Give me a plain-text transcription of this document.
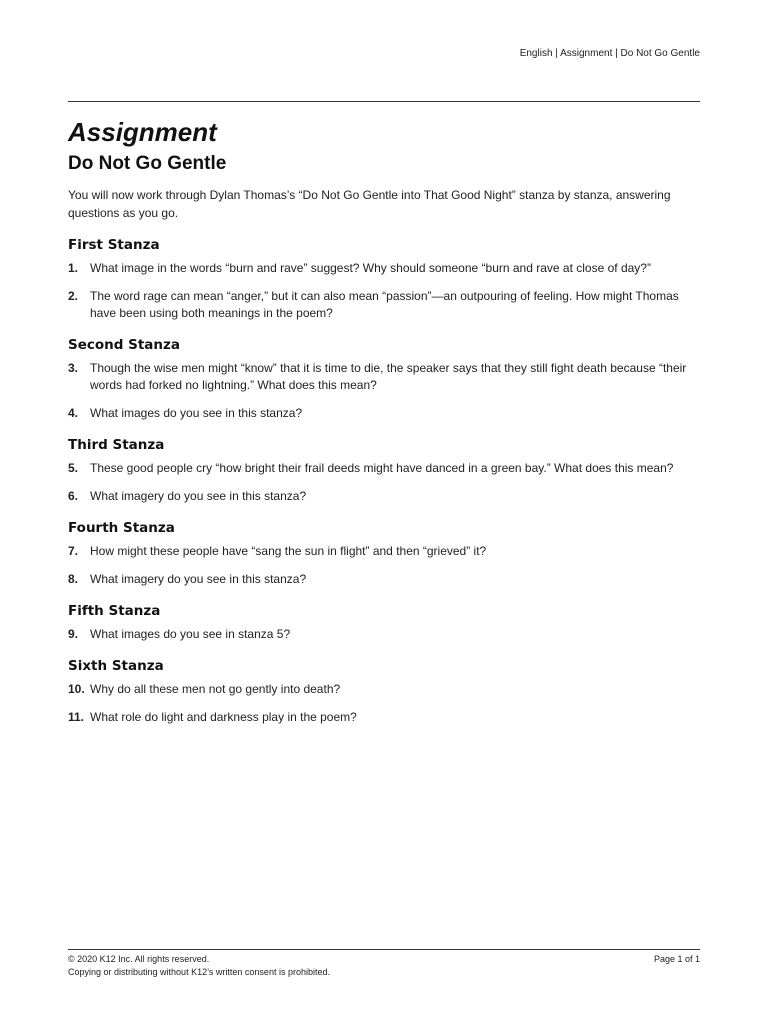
English | Assignment | Do Not Go Gentle
Assignment
Do Not Go Gentle

You will now work through Dylan Thomas’s “Do Not Go Gentle into That Good Night” stanza by stanza, answering questions as you go.

First Stanza
1. What image in the words “burn and rave” suggest? Why should someone “burn and rave at close of day?”
2. The word rage can mean “anger,” but it can also mean “passion”—an outpouring of feeling. How might Thomas have been using both meanings in the poem?
Second Stanza
3. Though the wise men might “know” that it is time to die, the speaker says that they still fight death because “their words had forked no lightning.” What does this mean?
4. What images do you see in this stanza?
Third Stanza
5. These good people cry “how bright their frail deeds might have danced in a green bay.” What does this mean?
6. What imagery do you see in this stanza?
Fourth Stanza
7. How might these people have “sang the sun in flight” and then “grieved” it?
8. What imagery do you see in this stanza?
Fifth Stanza
9. What images do you see in stanza 5?
Sixth Stanza
10. Why do all these men not go gently into death?
11. What role do light and darkness play in the poem?
© 2020 K12 Inc. All rights reserved.	Page 1 of 1
Copying or distributing without K12’s written consent is prohibited.
